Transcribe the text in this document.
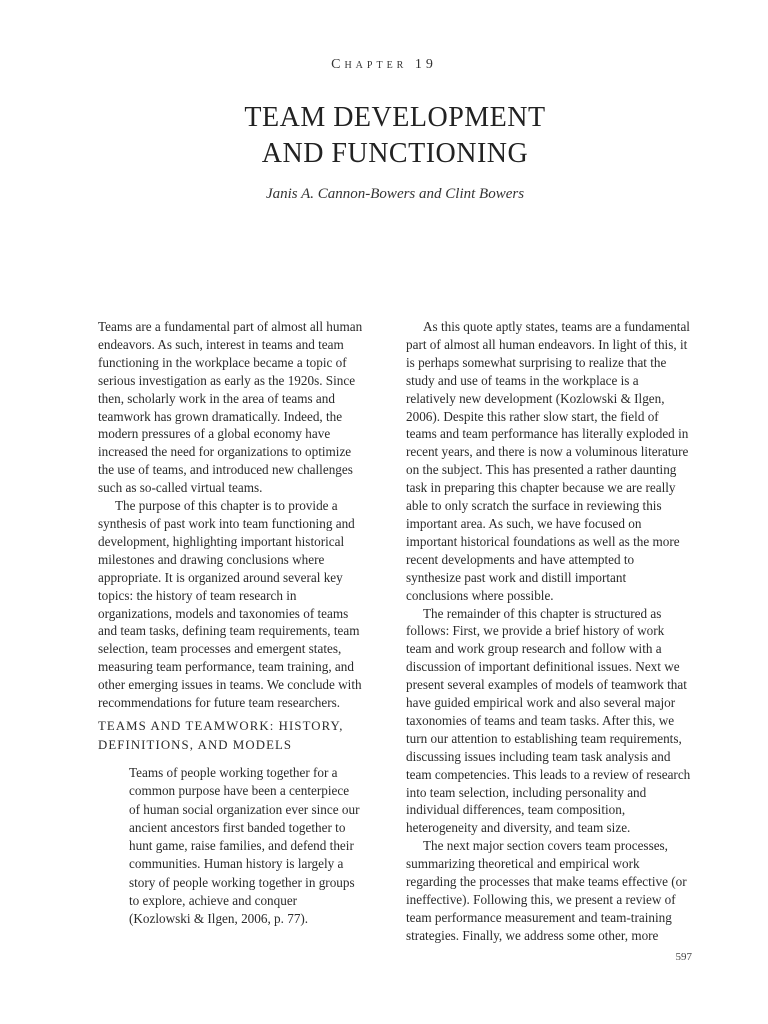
Chapter 19
TEAM DEVELOPMENT
AND FUNCTIONING
Janis A. Cannon-Bowers and Clint Bowers

Teams are a fundamental part of almost all human endeavors. As such, interest in teams and team functioning in the workplace became a topic of serious investigation as early as the 1920s. Since then, scholarly work in the area of teams and teamwork has grown dramatically. Indeed, the modern pressures of a global economy have increased the need for organizations to optimize the use of teams, and introduced new challenges such as so-called virtual teams.

The purpose of this chapter is to provide a synthesis of past work into team functioning and development, highlighting important historical milestones and drawing conclusions where appropriate. It is organized around several key topics: the history of team research in organizations, models and taxonomies of teams and team tasks, defining team requirements, team selection, team processes and emergent states, measuring team performance, team training, and other emerging issues in teams. We conclude with recommendations for future team researchers.

TEAMS AND TEAMWORK: HISTORY,
DEFINITIONS, AND MODELS
Teams of people working together for a common purpose have been a centerpiece of human social organization ever since our ancient ancestors first banded together to hunt game, raise families, and defend their communities. Human history is largely a story of people working together in groups to explore, achieve and conquer (Kozlowski & Ilgen, 2006, p. 77).

As this quote aptly states, teams are a fundamental part of almost all human endeavors. In light of this, it is perhaps somewhat surprising to realize that the study and use of teams in the workplace is a relatively new development (Kozlowski & Ilgen, 2006). Despite this rather slow start, the field of teams and team performance has literally exploded in recent years, and there is now a voluminous literature on the subject. This has presented a rather daunting task in preparing this chapter because we are really able to only scratch the surface in reviewing this important area. As such, we have focused on important historical foundations as well as the more recent developments and have attempted to synthesize past work and distill important conclusions where possible.

The remainder of this chapter is structured as follows: First, we provide a brief history of work team and work group research and follow with a discussion of important definitional issues. Next we present several examples of models of teamwork that have guided empirical work and also several major taxonomies of teams and team tasks. After this, we turn our attention to establishing team requirements, discussing issues including team task analysis and team competencies. This leads to a review of research into team selection, including personality and individual differences, team composition, heterogeneity and diversity, and team size.

The next major section covers team processes, summarizing theoretical and empirical work regarding the processes that make teams effective (or ineffective). Following this, we present a review of team performance measurement and team-training strategies. Finally, we address some other, more

597
